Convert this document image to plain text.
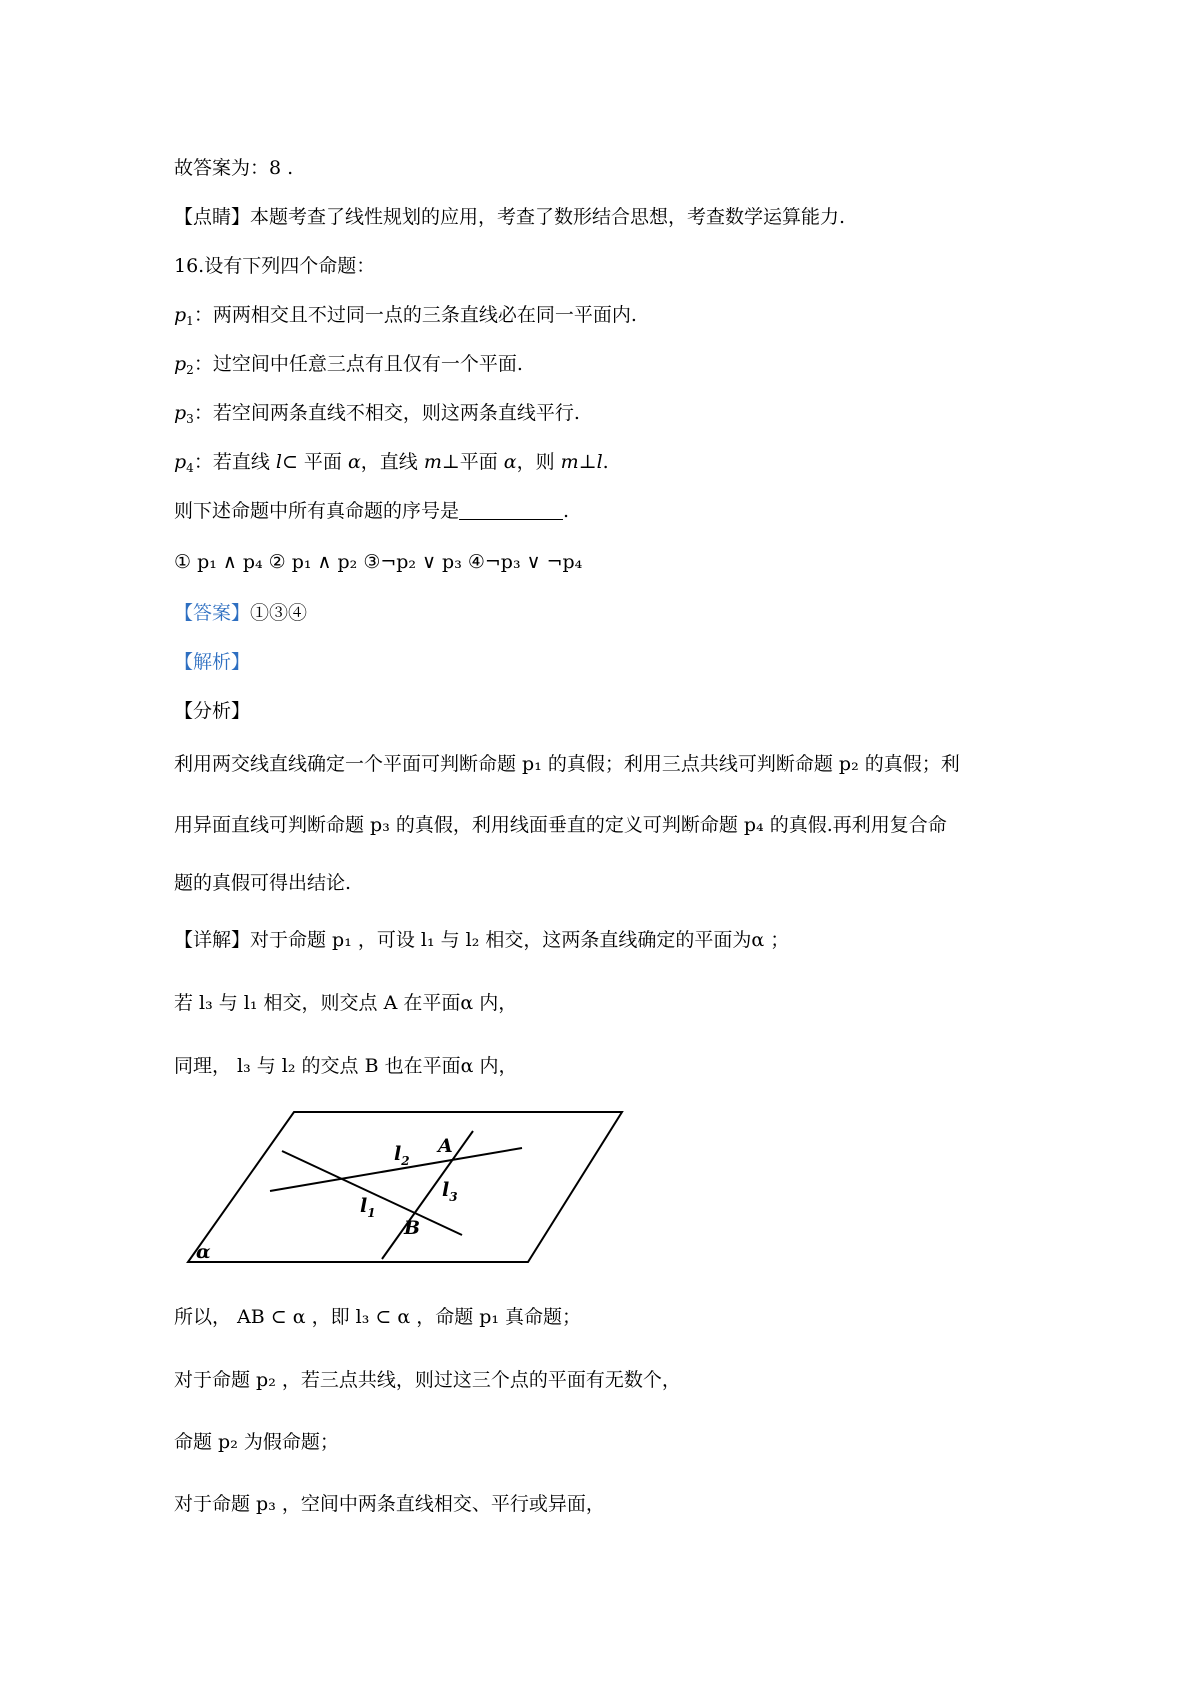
故答案为：8 .
【点睛】本题考查了线性规划的应用，考查了数形结合思想，考查数学运算能力.
16.设有下列四个命题：
$p_1$：两两相交且不过同一点的三条直线必在同一平面内.
$p_2$：过空间中任意三点有且仅有一个平面.
$p_3$：若空间两条直线不相交，则这两条直线平行.
$p_4$：若直线 l⊂ 平面 α，直线 m⊥平面 α，则 m⊥l.
则下述命题中所有真命题的序号是	.
① p₁ ∧ p₄ ② p₁ ∧ p₂ ③¬p₂ ∨ p₃ ④¬p₃ ∨ ¬p₄
【答案】①③④
【解析】
【分析】
利用两交线直线确定一个平面可判断命题 p₁ 的真假；利用三点共线可判断命题 p₂ 的真假；利
用异面直线可判断命题 p₃ 的真假，利用线面垂直的定义可判断命题 p₄ 的真假.再利用复合命
题的真假可得出结论.
【详解】对于命题 p₁ ，可设 l₁ 与 l₂ 相交，这两条直线确定的平面为α ；
若 l₃ 与 l₁ 相交，则交点 A 在平面α 内，
同理， l₃ 与 l₂ 的交点 B 也在平面α 内，
$l_2$
A
$l_3$
$l_1$
B
α
所以， AB ⊂ α ，即 l₃ ⊂ α ，命题 p₁ 真命题；
对于命题 p₂ ，若三点共线，则过这三个点的平面有无数个，
命题 p₂ 为假命题；
对于命题 p₃ ，空间中两条直线相交、平行或异面，
